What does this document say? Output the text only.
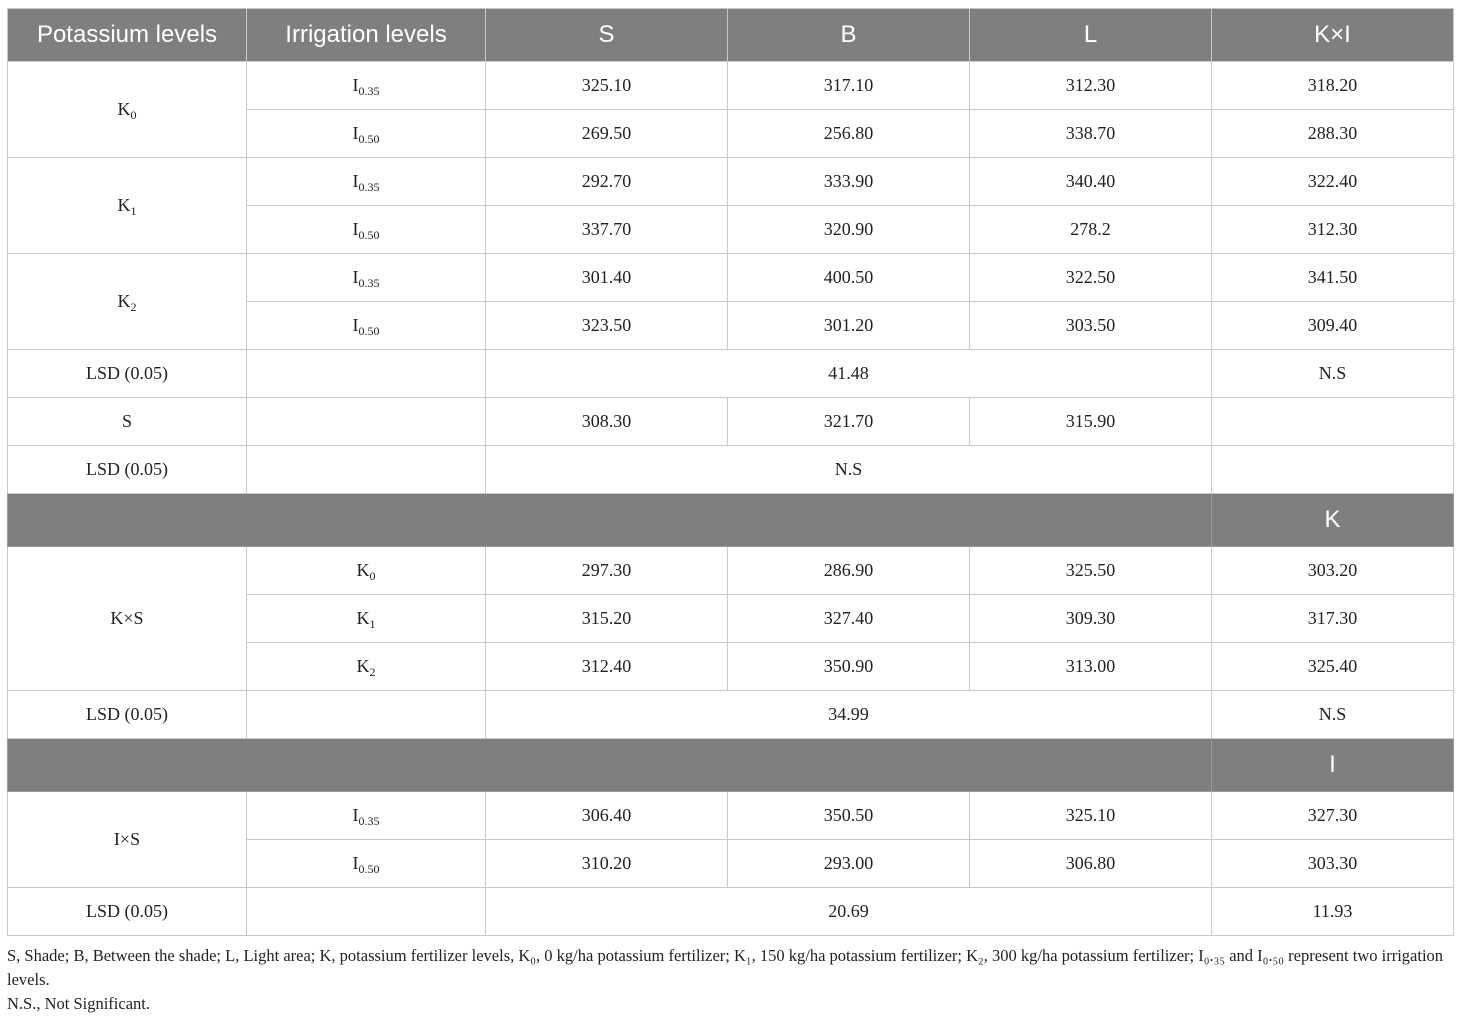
Potassium levels	Irrigation levels	S	B	L	K×I
$K_0$	$I_{0.35}$	325.10	317.10	312.30	318.20
	$I_{0.50}$	269.50	256.80	338.70	288.30
$K_1$	$I_{0.35}$	292.70	333.90	340.40	322.40
	$I_{0.50}$	337.70	320.90	278.2	312.30
$K_2$	$I_{0.35}$	301.40	400.50	322.50	341.50
	$I_{0.50}$	323.50	301.20	303.50	309.40
LSD (0.05)		41.48			N.S
S		308.30	321.70	315.90	
LSD (0.05)		N.S			
					K
K×S	$K_0$	297.30	286.90	325.50	303.20
	$K_1$	315.20	327.40	309.30	317.30
	$K_2$	312.40	350.90	313.00	325.40
LSD (0.05)		34.99			N.S
					I
I×S	$I_{0.35}$	306.40	350.50	325.10	327.30
	$I_{0.50}$	310.20	293.00	306.80	303.30
LSD (0.05)		20.69			11.93

S, Shade; B, Between the shade; L, Light area; K, potassium fertilizer levels, K₀, 0 kg/ha potassium fertilizer; K₁, 150 kg/ha potassium fertilizer; K₂, 300 kg/ha potassium fertilizer; I₀.₃₅ and I₀.₅₀ represent two irrigation levels.

N.S., Not Significant.
